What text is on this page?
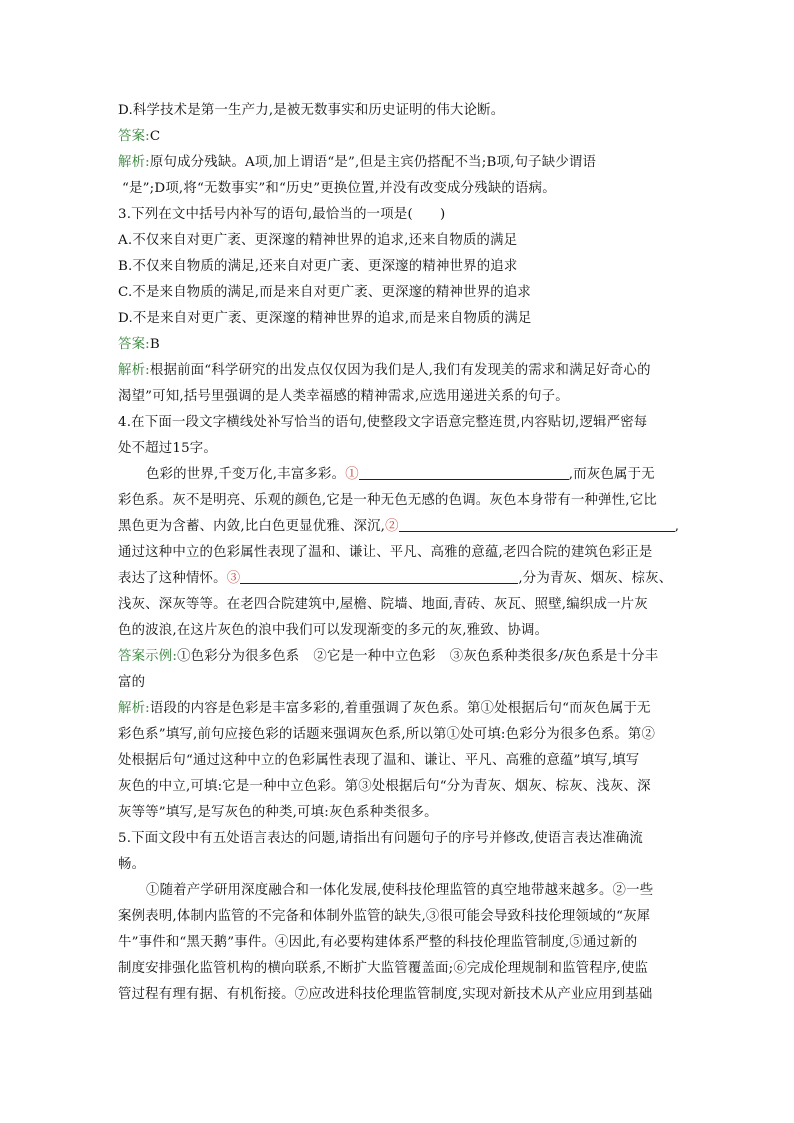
D.科学技术是第一生产力,是被无数事实和历史证明的伟大论断。
答案:C
解析:原句成分残缺。A项,加上谓语“是”,但是主宾仍搭配不当;B项,句子缺少谓语
“是”;D项,将“无数事实”和“历史”更换位置,并没有改变成分残缺的语病。
3.下列在文中括号内补写的语句,最恰当的一项是(　　)
A.不仅来自对更广袤、更深邃的精神世界的追求,还来自物质的满足
B.不仅来自物质的满足,还来自对更广袤、更深邃的精神世界的追求
C.不是来自物质的满足,而是来自对更广袤、更深邃的精神世界的追求
D.不是来自对更广袤、更深邃的精神世界的追求,而是来自物质的满足
答案:B
解析:根据前面“科学研究的出发点仅仅因为我们是人,我们有发现美的需求和满足好奇心的
渴望”可知,括号里强调的是人类幸福感的精神需求,应选用递进关系的句子。
4.在下面一段文字横线处补写恰当的语句,使整段文字语意完整连贯,内容贴切,逻辑严密每
处不超过15字。
色彩的世界,千变万化,丰富多彩。①	,而灰色属于无
彩色系。灰不是明亮、乐观的颜色,它是一种无色无感的色调。灰色本身带有一种弹性,它比
黑色更为含蓄、内敛,比白色更显优雅、深沉,②	,
通过这种中立的色彩属性表现了温和、谦让、平凡、高雅的意蕴,老四合院的建筑色彩正是
表达了这种情怀。③	,分为青灰、烟灰、棕灰、
浅灰、深灰等等。在老四合院建筑中,屋檐、院墙、地面,青砖、灰瓦、照壁,编织成一片灰
色的波浪,在这片灰色的浪中我们可以发现渐变的多元的灰,雅致、协调。
答案示例:①色彩分为很多色系 ②它是一种中立色彩 ③灰色系种类很多/灰色系是十分丰
富的
解析:语段的内容是色彩是丰富多彩的,着重强调了灰色系。第①处根据后句“而灰色属于无
彩色系”填写,前句应接色彩的话题来强调灰色系,所以第①处可填:色彩分为很多色系。第②
处根据后句“通过这种中立的色彩属性表现了温和、谦让、平凡、高雅的意蕴”填写,填写
灰色的中立,可填:它是一种中立色彩。第③处根据后句“分为青灰、烟灰、棕灰、浅灰、深
灰等等”填写,是写灰色的种类,可填:灰色系种类很多。
5.下面文段中有五处语言表达的问题,请指出有问题句子的序号并修改,使语言表达准确流
畅。
①随着产学研用深度融合和一体化发展,使科技伦理监管的真空地带越来越多。②一些
案例表明,体制内监管的不完备和体制外监管的缺失,③很可能会导致科技伦理领域的“灰犀
牛”事件和“黑天鹅”事件。④因此,有必要构建体系严整的科技伦理监管制度,⑤通过新的
制度安排强化监管机构的横向联系,不断扩大监管覆盖面;⑥完成伦理规制和监管程序,使监
管过程有理有据、有机衔接。⑦应改进科技伦理监管制度,实现对新技术从产业应用到基础
